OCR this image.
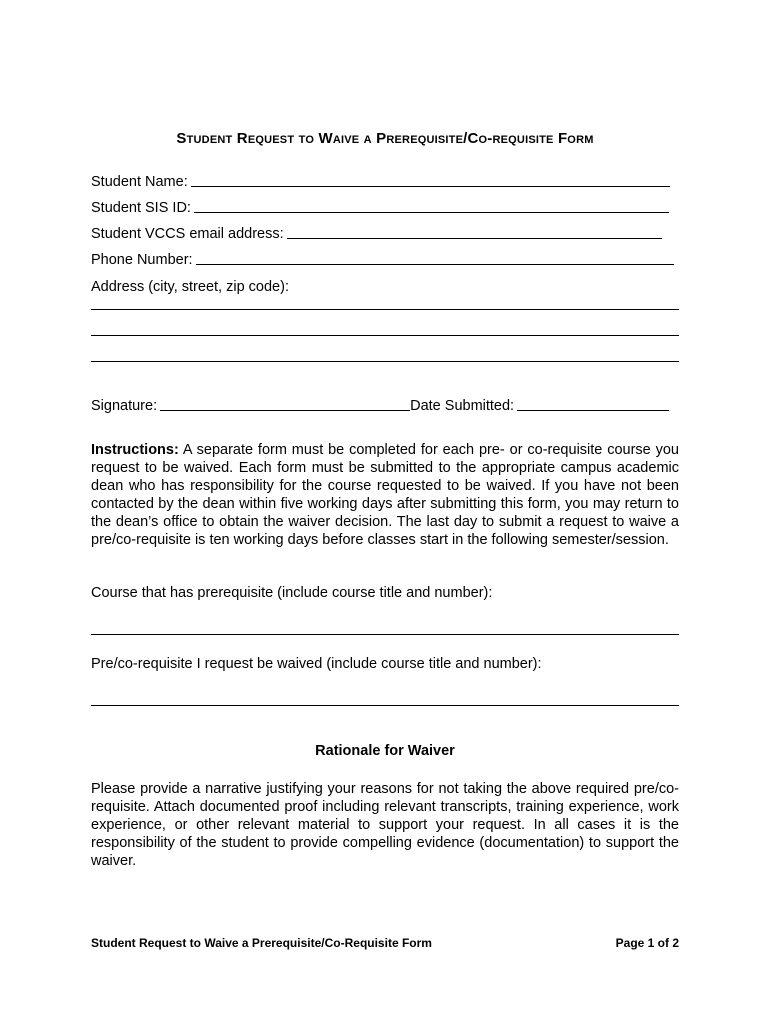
Student Request to Waive a Prerequisite/Co-requisite Form
Student Name:
Student SIS ID:
Student VCCS email address:
Phone Number:
Address (city, street, zip code):
Signature:	Date Submitted:
Instructions: A separate form must be completed for each pre- or co-requisite course you request to be waived. Each form must be submitted to the appropriate campus academic dean who has responsibility for the course requested to be waived. If you have not been contacted by the dean within five working days after submitting this form, you may return to the dean’s office to obtain the waiver decision. The last day to submit a request to waive a pre/co-requisite is ten working days before classes start in the following semester/session.
Course that has prerequisite (include course title and number):
Pre/co-requisite I request be waived (include course title and number):
Rationale for Waiver
Please provide a narrative justifying your reasons for not taking the above required pre/co-requisite. Attach documented proof including relevant transcripts, training experience, work experience, or other relevant material to support your request. In all cases it is the responsibility of the student to provide compelling evidence (documentation) to support the waiver.
Student Request to Waive a Prerequisite/Co-Requisite Form	Page 1 of 2
